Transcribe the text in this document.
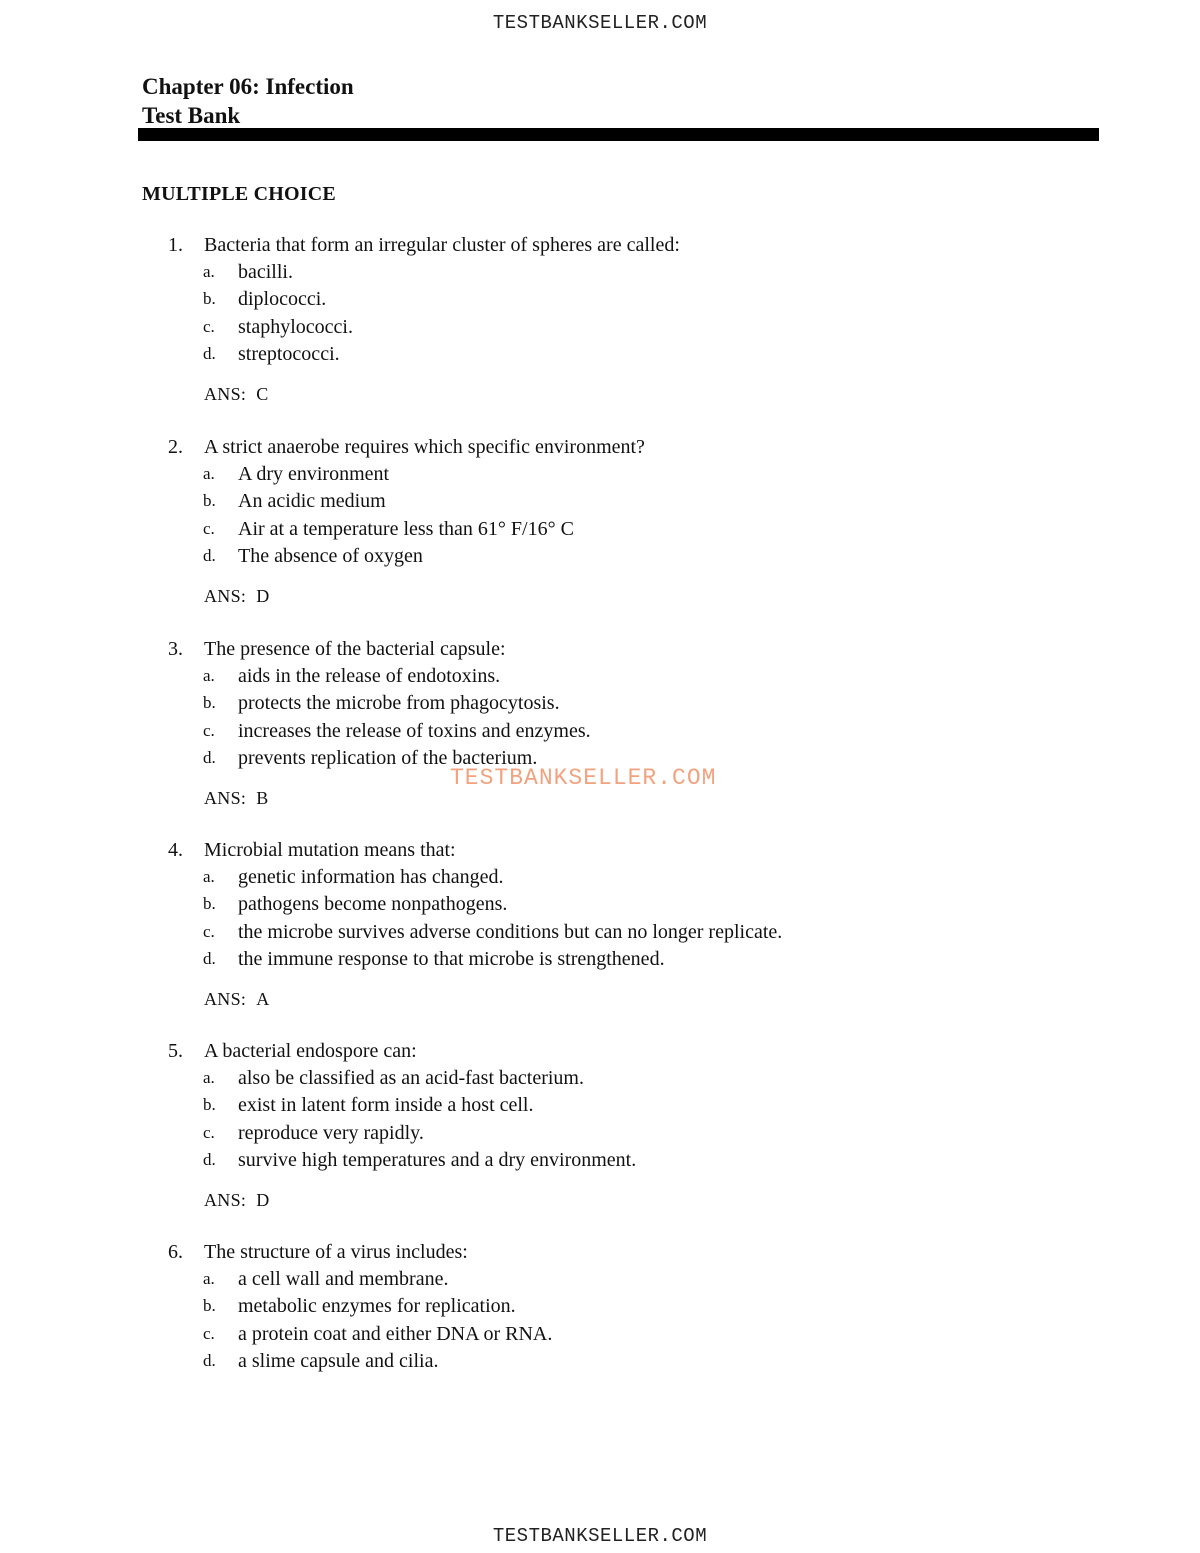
TESTBANKSELLER.COM

Chapter 06: Infection

Test Bank

MULTIPLE CHOICE
1. Bacteria that form an irregular cluster of spheres are called:
a. bacilli.
b. diplococci.
c. staphylococci.
d. streptococci.
ANS: C
2. A strict anaerobe requires which specific environment?
a. A dry environment
b. An acidic medium
c. Air at a temperature less than 61° F/16° C
d. The absence of oxygen
ANS: D
3. The presence of the bacterial capsule:
a. aids in the release of endotoxins.
b. protects the microbe from phagocytosis.
c. increases the release of toxins and enzymes.
d. prevents replication of the bacterium.
ANS: B
4. Microbial mutation means that:
a. genetic information has changed.
b. pathogens become nonpathogens.
c. the microbe survives adverse conditions but can no longer replicate.
d. the immune response to that microbe is strengthened.
ANS: A
5. A bacterial endospore can:
a. also be classified as an acid-fast bacterium.
b. exist in latent form inside a host cell.
c. reproduce very rapidly.
d. survive high temperatures and a dry environment.
ANS: D
6. The structure of a virus includes:
a. a cell wall and membrane.
b. metabolic enzymes for replication.
c. a protein coat and either DNA or RNA.
d. a slime capsule and cilia.
TESTBANKSELLER.COM
TESTBANKSELLER.COM
